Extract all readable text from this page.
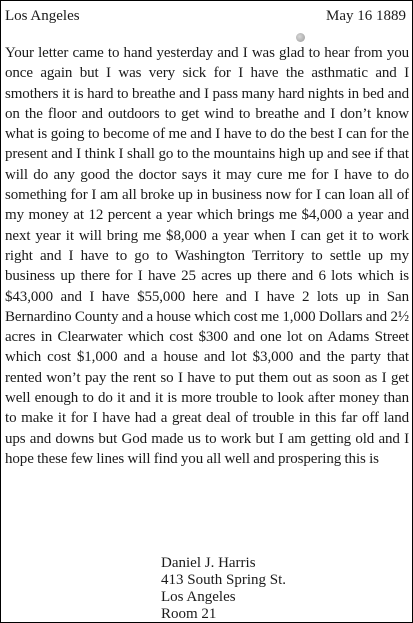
Los Angeles	May 16 1889
Your letter came to hand yesterday and I was glad to hear from you once again but I was very sick for I have the asthmatic and I smothers it is hard to breathe and I pass many hard nights in bed and on the floor and outdoors to get wind to breathe and I don’t know what is going to become of me and I have to do the best I can for the present and I think I shall go to the mountains high up and see if that will do any good the doctor says it may cure me for I have to do something for I am all broke up in business now for I can loan all of my money at 12 percent a year which brings me $4,000 a year and next year it will bring me $8,000 a year when I can get it to work right and I have to go to Washington Territory to settle up my business up there for I have 25 acres up there and 6 lots which is $43,000 and I have $55,000 here and I have 2 lots up in San Bernardino County and a house which cost me 1,000 Dollars and 2½ acres in Clearwater which cost $300 and one lot on Adams Street which cost $1,000 and a house and lot $3,000 and the party that rented won’t pay the rent so I have to put them out as soon as I get well enough to do it and it is more trouble to look after money than to make it for I have had a great deal of trouble in this far off land ups and downs but God made us to work but I am getting old and I hope these few lines will find you all well and prospering this is
Daniel J. Harris
413 South Spring St.
Los Angeles
Room 21
